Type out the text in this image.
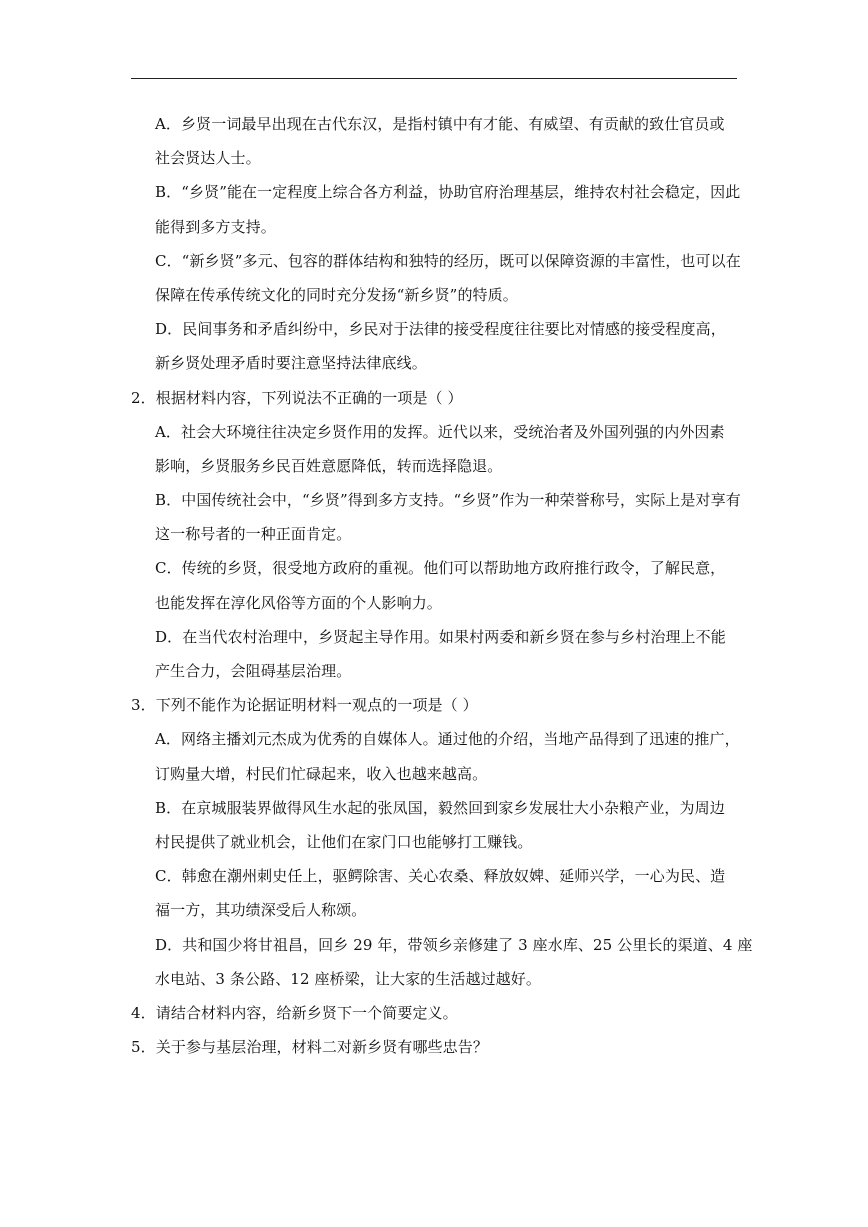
A．乡贤一词最早出现在古代东汉，是指村镇中有才能、有威望、有贡献的致仕官员或
社会贤达人士。
B．“乡贤”能在一定程度上综合各方利益，协助官府治理基层，维持农村社会稳定，因此
能得到多方支持。
C．“新乡贤”多元、包容的群体结构和独特的经历，既可以保障资源的丰富性，也可以在
保障在传承传统文化的同时充分发扬“新乡贤”的特质。
D．民间事务和矛盾纠纷中，乡民对于法律的接受程度往往要比对情感的接受程度高，
新乡贤处理矛盾时要注意坚持法律底线。
2．根据材料内容，下列说法不正确的一项是（ ）
A．社会大环境往往决定乡贤作用的发挥。近代以来，受统治者及外国列强的内外因素
影响，乡贤服务乡民百姓意愿降低，转而选择隐退。
B．中国传统社会中，“乡贤”得到多方支持。“乡贤”作为一种荣誉称号，实际上是对享有
这一称号者的一种正面肯定。
C．传统的乡贤，很受地方政府的重视。他们可以帮助地方政府推行政令，了解民意，
也能发挥在淳化风俗等方面的个人影响力。
D．在当代农村治理中，乡贤起主导作用。如果村两委和新乡贤在参与乡村治理上不能
产生合力，会阻碍基层治理。
3．下列不能作为论据证明材料一观点的一项是（ ）
A．网络主播刘元杰成为优秀的自媒体人。通过他的介绍，当地产品得到了迅速的推广，
订购量大增，村民们忙碌起来，收入也越来越高。
B．在京城服装界做得风生水起的张凤国，毅然回到家乡发展壮大小杂粮产业，为周边
村民提供了就业机会，让他们在家门口也能够打工赚钱。
C．韩愈在潮州刺史任上，驱鳄除害、关心农桑、释放奴婢、延师兴学，一心为民、造
福一方，其功绩深受后人称颂。
D．共和国少将甘祖昌，回乡 29 年，带领乡亲修建了 3 座水库、25 公里长的渠道、4 座
水电站、3 条公路、12 座桥梁，让大家的生活越过越好。
4．请结合材料内容，给新乡贤下一个简要定义。
5．关于参与基层治理，材料二对新乡贤有哪些忠告？
